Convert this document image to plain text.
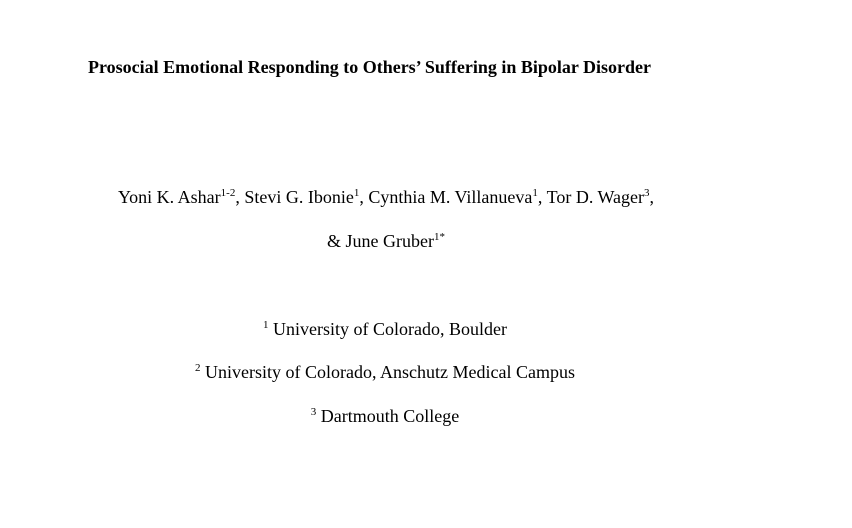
Prosocial Emotional Responding to Others’ Suffering in Bipolar Disorder
Yoni K. Ashar$^{1-2}$, Stevi G. Ibonie$^1$, Cynthia M. Villanueva$^1$, Tor D. Wager$^3$,
& June Gruber$^{1*}$
$^1$ University of Colorado, Boulder
$^2$ University of Colorado, Anschutz Medical Campus
$^3$ Dartmouth College
